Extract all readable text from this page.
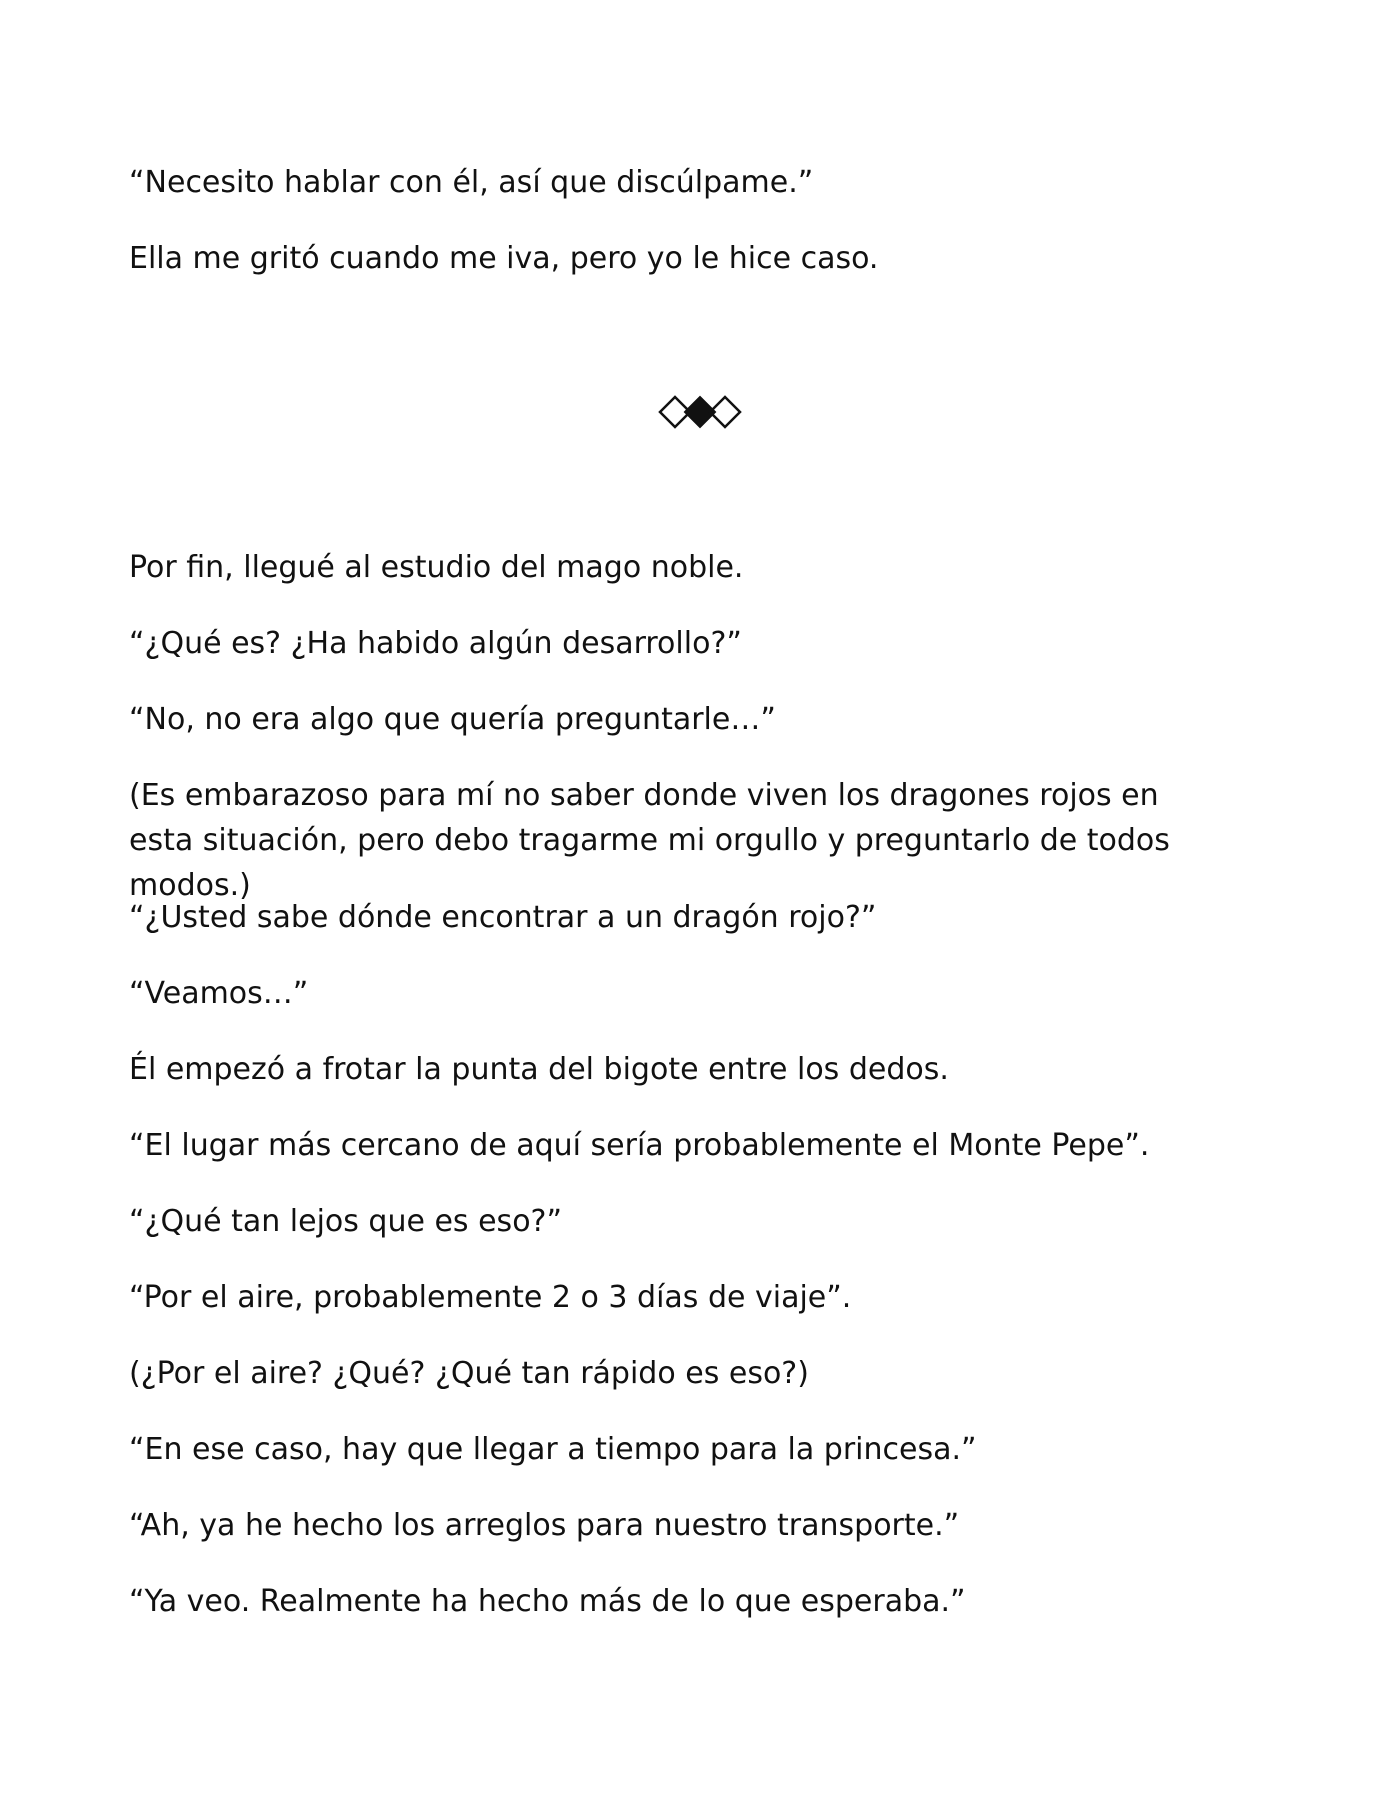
“Necesito hablar con él, así que discúlpame.”
Ella me gritó cuando me iva, pero yo le hice caso.
Por fin, llegué al estudio del mago noble.
“¿Qué es? ¿Ha habido algún desarrollo?”
“No, no era algo que quería preguntarle…”
(Es embarazoso para mí no saber donde viven los dragones rojos en esta situación, pero debo tragarme mi orgullo y preguntarlo de todos modos.)
“¿Usted sabe dónde encontrar a un dragón rojo?”
“Veamos…”
Él empezó a frotar la punta del bigote entre los dedos.
“El lugar más cercano de aquí sería probablemente el Monte Pepe”.
“¿Qué tan lejos que es eso?”
“Por el aire, probablemente 2 o 3 días de viaje”.
(¿Por el aire? ¿Qué? ¿Qué tan rápido es eso?)
“En ese caso, hay que llegar a tiempo para la princesa.”
“Ah, ya he hecho los arreglos para nuestro transporte.”
“Ya veo. Realmente ha hecho más de lo que esperaba.”
